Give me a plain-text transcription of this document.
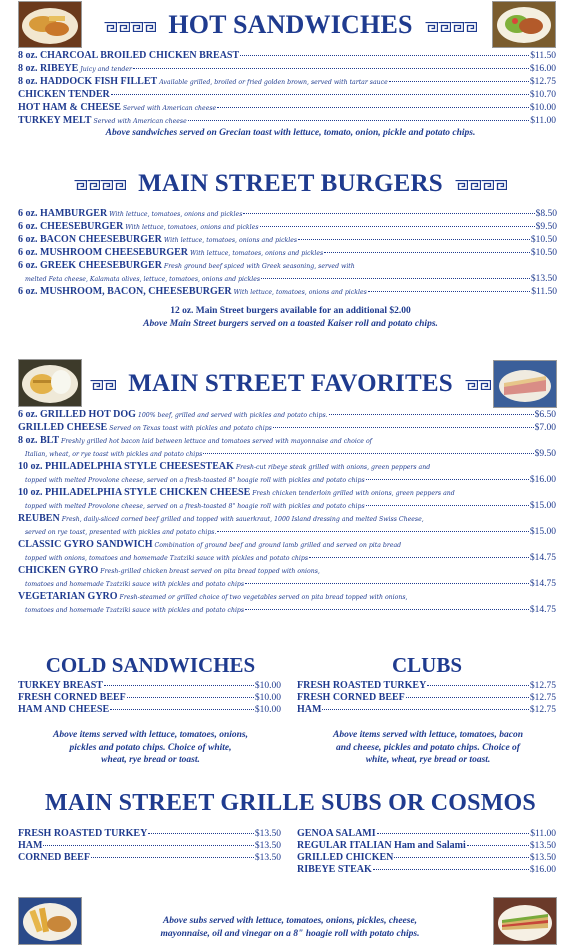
HOT SANDWICHES
8 oz. CHARCOAL BROILED CHICKEN BREAST	$11.50
8 oz. RIBEYE Juicy and tender	$16.00
8 oz. HADDOCK FISH FILLET Available grilled, broiled or fried golden brown, served with tartar sauce	$12.75
CHICKEN TENDER	$10.70
HOT HAM & CHEESE Served with American cheese	$10.00
TURKEY MELT Served with American cheese	$11.00
Above sandwiches served on Grecian toast with lettuce, tomato, onion, pickle and potato chips.
MAIN STREET BURGERS
6 oz. HAMBURGER With lettuce, tomatoes, onions and pickles	$8.50
6 oz. CHEESEBURGER With lettuce, tomatoes, onions and pickles	$9.50
6 oz. BACON CHEESEBURGER With lettuce, tomatoes, onions and pickles	$10.50
6 oz. MUSHROOM CHEESEBURGER With lettuce, tomatoes, onions and pickles	$10.50
6 oz. GREEK CHEESEBURGER Fresh ground beef spiced with Greek seasoning, served with
melted Feta cheese, Kalamata olives, lettuce, tomatoes, onions and pickles	$13.50
6 oz. MUSHROOM, BACON, CHEESEBURGER With lettuce, tomatoes, onions and pickles	$11.50
12 oz. Main Street burgers available for an additional $2.00
Above Main Street burgers served on a toasted Kaiser roll and potato chips.
MAIN STREET FAVORITES
6 oz. GRILLED HOT DOG 100% beef, grilled and served with pickles and potato chips.	$6.50
GRILLED CHEESE Served on Texas toast with pickles and potato chips	$7.00
8 oz. BLT Freshly grilled hot bacon laid between lettuce and tomatoes served with mayonnaise and choice of
Italian, wheat, or rye toast with pickles and potato chips	$9.50
10 oz. PHILADELPHIA STYLE CHEESESTEAK Fresh-cut ribeye steak grilled with onions, green peppers and
topped with melted Provolone cheese, served on a fresh-toasted 8" hoagie roll with pickles and potato chips	$16.00
10 oz. PHILADELPHIA STYLE CHICKEN CHEESE Fresh chicken tenderloin grilled with onions, green peppers and
topped with melted Provolone cheese, served on a fresh-toasted 8" hoagie roll with pickles and potato chips	$15.00
REUBEN Fresh, daily-sliced corned beef grilled and topped with sauerkraut, 1000 Island dressing and melted Swiss Cheese,
served on rye toast, presented with pickles and potato chips.	$15.00
CLASSIC GYRO SANDWICH Combination of ground beef and ground lamb grilled and served on pita bread
topped with onions, tomatoes and homemade Tzatziki sauce with pickles and potato chips	$14.75
CHICKEN GYRO Fresh-grilled chicken breast served on pita bread topped with onions,
tomatoes and homemade Tzatziki sauce with pickles and potato chips	$14.75
VEGETARIAN GYRO Fresh-steamed or grilled choice of two vegetables served on pita bread topped with onions,
tomatoes and homemade Tzatziki sauce with pickles and potato chips	$14.75
COLD SANDWICHES	CLUBS
TURKEY BREAST	$10.00
FRESH CORNED BEEF	$10.00
HAM AND CHEESE	$10.00
FRESH ROASTED TURKEY	$12.75
FRESH CORNED BEEF	$12.75
HAM	$12.75
Above items served with lettuce, tomatoes, onions,
pickles and potato chips. Choice of white,
wheat, rye bread or toast.
Above items served with lettuce, tomatoes, bacon
and cheese, pickles and potato chips. Choice of
white, wheat, rye bread or toast.
MAIN STREET GRILLE SUBS OR COSMOS
FRESH ROASTED TURKEY	$13.50
HAM	$13.50
CORNED BEEF	$13.50
GENOA SALAMI	$11.00
REGULAR ITALIAN Ham and Salami	$13.50
GRILLED CHICKEN	$13.50
RIBEYE STEAK	$16.00
Above subs served with lettuce, tomatoes, onions, pickles, cheese,
mayonnaise, oil and vinegar on a 8" hoagie roll with potato chips.
